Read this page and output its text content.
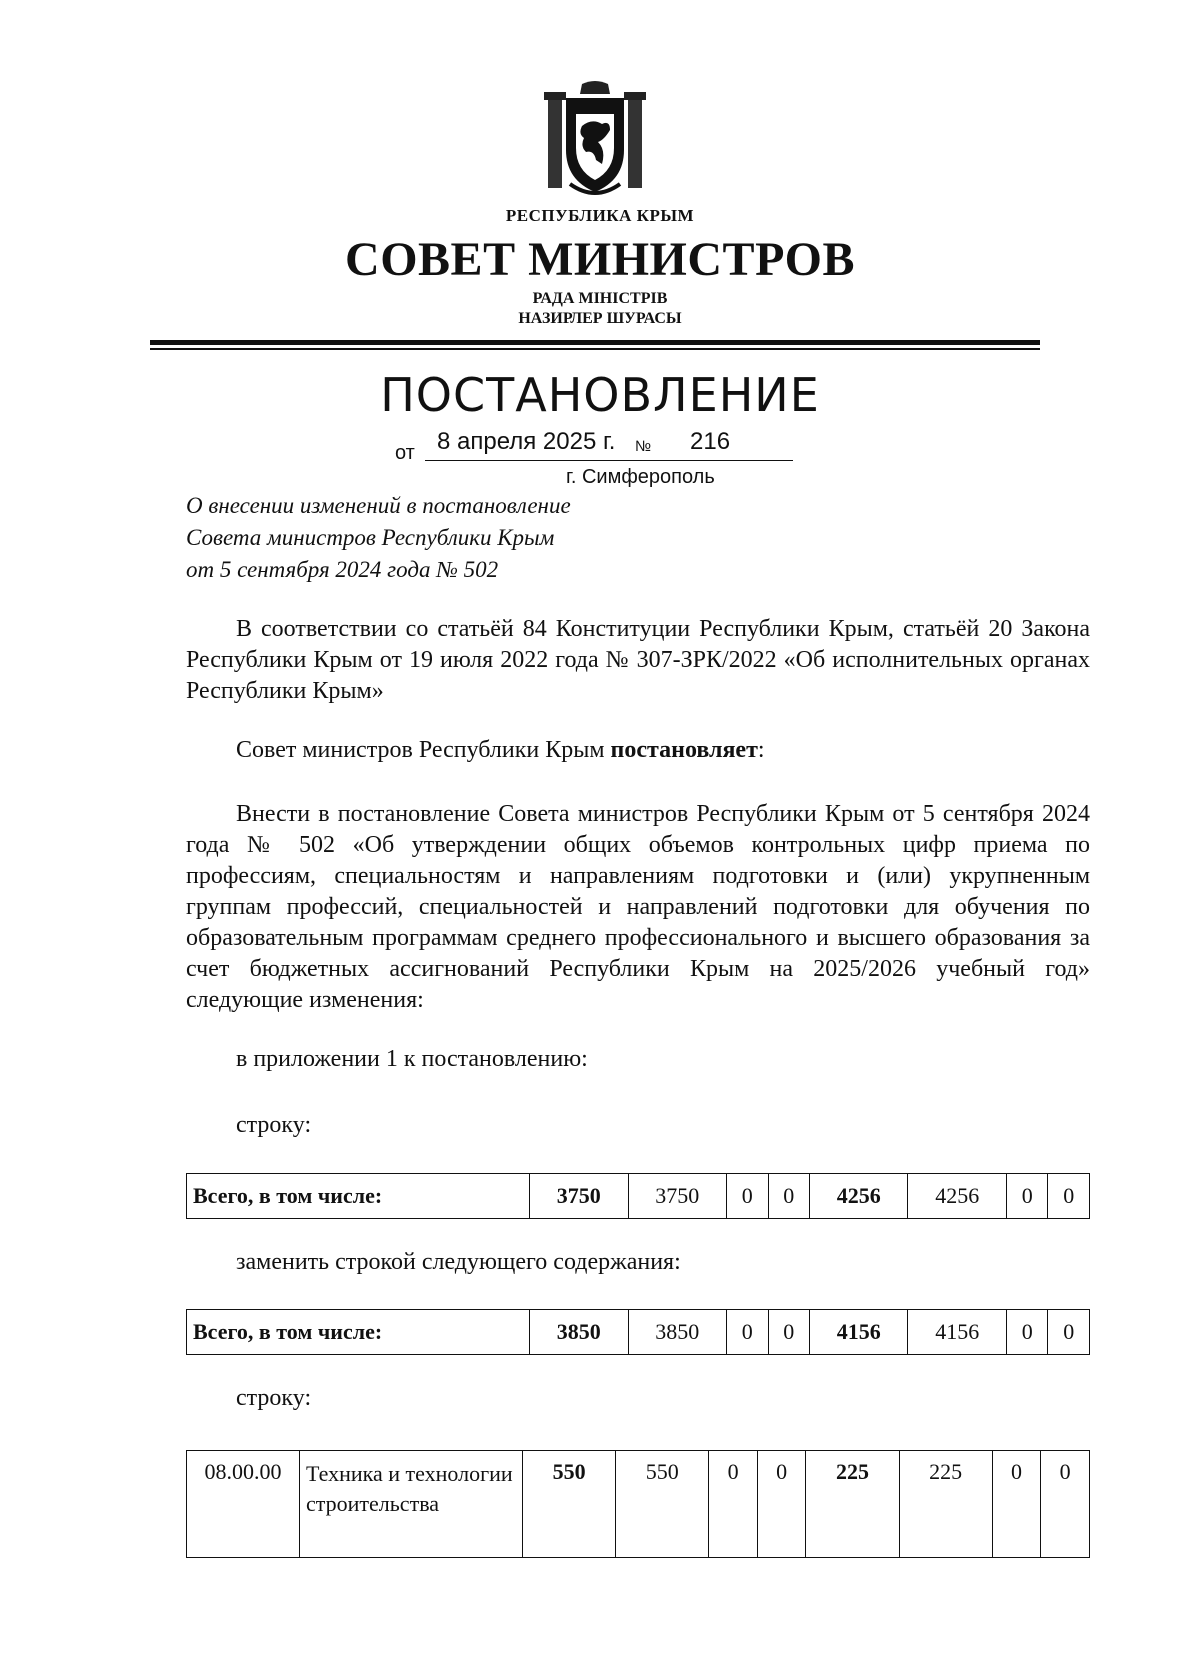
РЕСПУБЛИКА КРЫМ
СОВЕТ МИНИСТРОВ
РАДА МІНІСТРІВ
НАЗИРЛЕР ШУРАСЫ
ПОСТАНОВЛЕНИЕ
от 8 апреля 2025 г. № 216
г. Симферополь
О внесении изменений в постановление
Совета министров Республики Крым
от 5 сентября 2024 года № 502
В соответствии со статьёй 84 Конституции Республики Крым, статьёй 20 Закона Республики Крым от 19 июля 2022 года № 307-ЗРК/2022 «Об исполнительных органах Республики Крым»
Совет министров Республики Крым постановляет:
Внести в постановление Совета министров Республики Крым от 5 сентября 2024 года № 502 «Об утверждении общих объемов контрольных цифр приема по профессиям, специальностям и направлениям подготовки и (или) укрупненным группам профессий, специальностей и направлений подготовки для обучения по образовательным программам среднего профессионального и высшего образования за счет бюджетных ассигнований Республики Крым на 2025/2026 учебный год» следующие изменения:
в приложении 1 к постановлению:
строку:
Всего, в том числе:	3750	3750	0	0	4256	4256	0	0
заменить строкой следующего содержания:
Всего, в том числе:	3850	3850	0	0	4156	4156	0	0
строку:
08.00.00	Техника и технологии строительства	550	550	0	0	225	225	0	0
